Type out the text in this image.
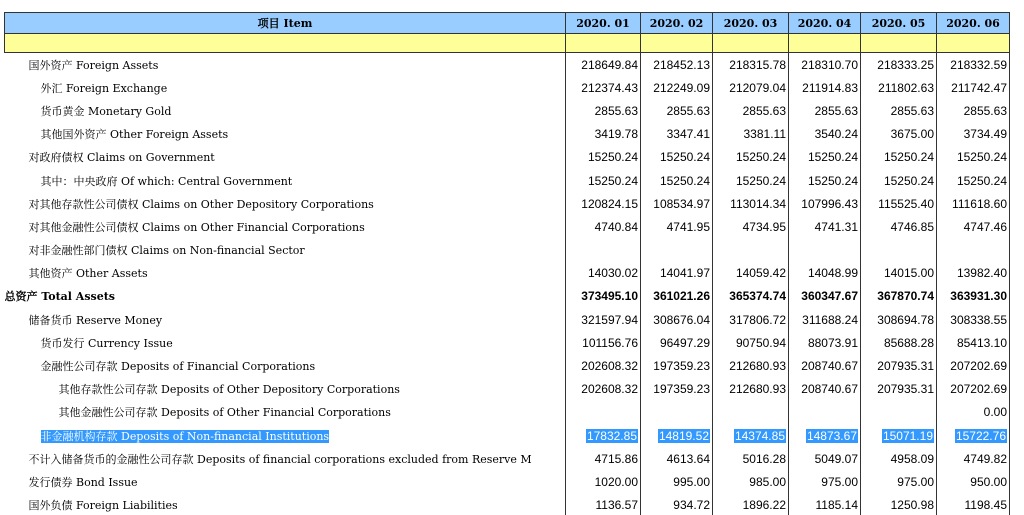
项目 Item	2020. 01	2020. 02	2020. 03	2020. 04	2020. 05	2020. 06

国外资产 Foreign Assets	218649.84	218452.13	218315.78	218310.70	218333.25	218332.59
外汇 Foreign Exchange	212374.43	212249.09	212079.04	211914.83	211802.63	211742.47
货币黄金 Monetary Gold	2855.63	2855.63	2855.63	2855.63	2855.63	2855.63
其他国外资产 Other Foreign Assets	3419.78	3347.41	3381.11	3540.24	3675.00	3734.49
对政府债权 Claims on Government	15250.24	15250.24	15250.24	15250.24	15250.24	15250.24
其中：中央政府 Of which: Central Government	15250.24	15250.24	15250.24	15250.24	15250.24	15250.24
对其他存款性公司债权 Claims on Other Depository Corporations	120824.15	108534.97	113014.34	107996.43	115525.40	111618.60
对其他金融性公司债权 Claims on Other Financial Corporations	4740.84	4741.95	4734.95	4741.31	4746.85	4747.46
对非金融性部门债权 Claims on Non-financial Sector						
其他资产 Other Assets	14030.02	14041.97	14059.42	14048.99	14015.00	13982.40
总资产 Total Assets	373495.10	361021.26	365374.74	360347.67	367870.74	363931.30
储备货币 Reserve Money	321597.94	308676.04	317806.72	311688.24	308694.78	308338.55
货币发行 Currency Issue	101156.76	96497.29	90750.94	88073.91	85688.28	85413.10
金融性公司存款 Deposits of Financial Corporations	202608.32	197359.23	212680.93	208740.67	207935.31	207202.69
其他存款性公司存款 Deposits of Other Depository Corporations	202608.32	197359.23	212680.93	208740.67	207935.31	207202.69
其他金融性公司存款 Deposits of Other Financial Corporations						0.00
非金融机构存款 Deposits of Non-financial Institutions	17832.85	14819.52	14374.85	14873.67	15071.19	15722.76
不计入储备货币的金融性公司存款 Deposits of financial corporations excluded from Reserve M	4715.86	4613.64	5016.28	5049.07	4958.09	4749.82
发行债券 Bond Issue	1020.00	995.00	985.00	975.00	975.00	950.00
国外负债 Foreign Liabilities	1136.57	934.72	1896.22	1185.14	1250.98	1198.45
